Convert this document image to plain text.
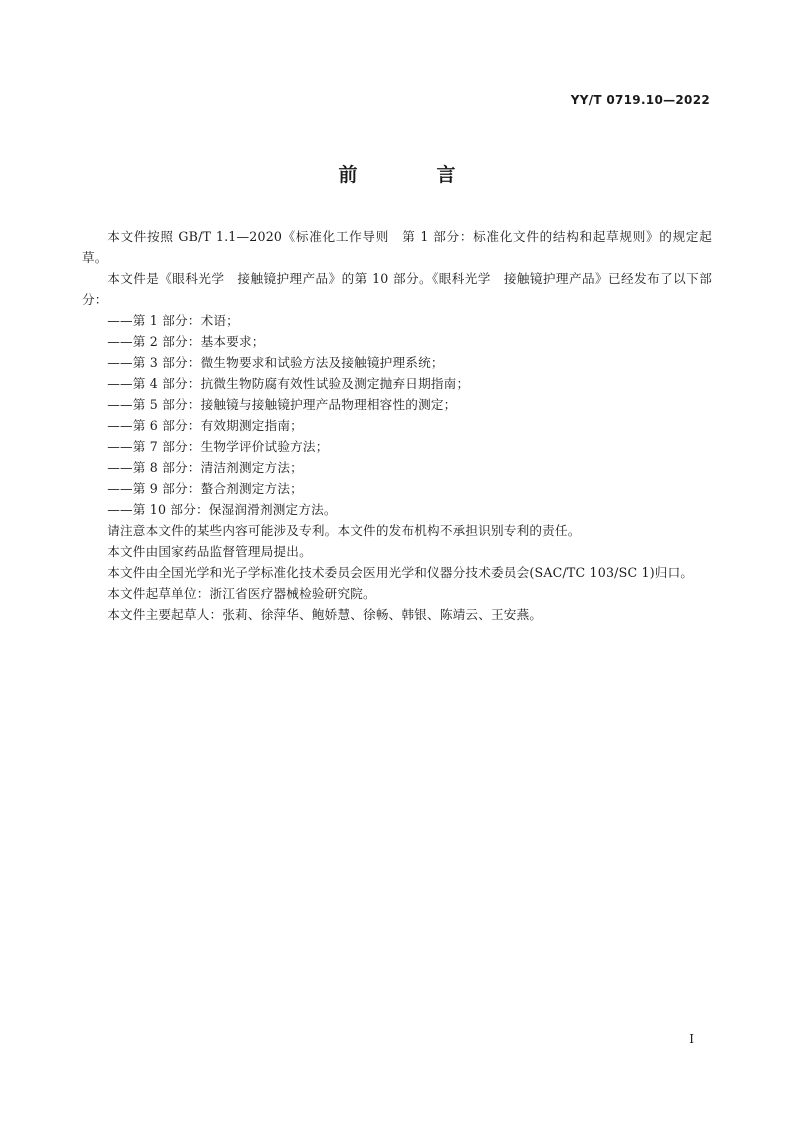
YY/T 0719.10—2022
前　言

本文件按照 GB/T 1.1—2020《标准化工作导则　第 1 部分：标准化文件的结构和起草规则》的规定起草。

本文件是《眼科光学　接触镜护理产品》的第 10 部分。《眼科光学　接触镜护理产品》已经发布了以下部分：

——第 1 部分：术语；

——第 2 部分：基本要求；

——第 3 部分：微生物要求和试验方法及接触镜护理系统；

——第 4 部分：抗微生物防腐有效性试验及测定抛弃日期指南；

——第 5 部分：接触镜与接触镜护理产品物理相容性的测定；

——第 6 部分：有效期测定指南；

——第 7 部分：生物学评价试验方法；

——第 8 部分：清洁剂测定方法；

——第 9 部分：螯合剂测定方法；

——第 10 部分：保湿润滑剂测定方法。

请注意本文件的某些内容可能涉及专利。本文件的发布机构不承担识别专利的责任。

本文件由国家药品监督管理局提出。

本文件由全国光学和光子学标准化技术委员会医用光学和仪器分技术委员会(SAC/TC 103/SC 1)归口。

本文件起草单位：浙江省医疗器械检验研究院。

本文件主要起草人：张莉、徐萍华、鲍娇慧、徐畅、韩银、陈靖云、王安燕。

I
